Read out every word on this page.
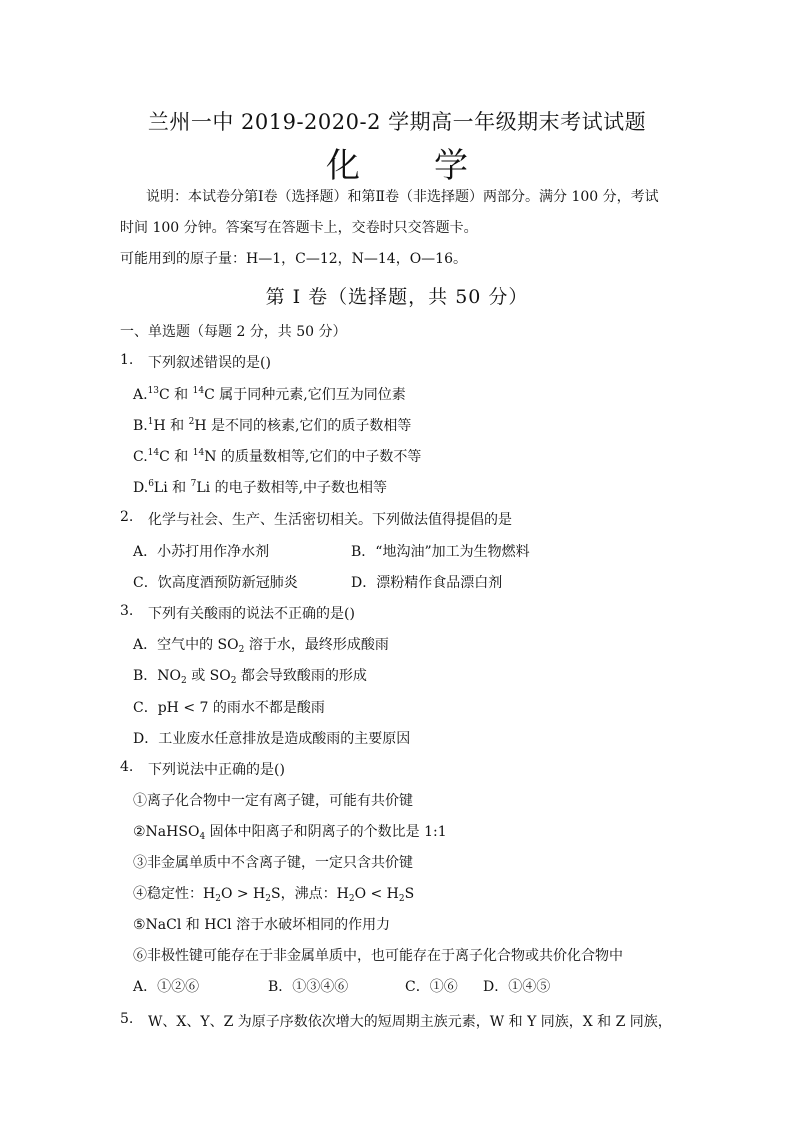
兰州一中 2019-2020-2 学期高一年级期末考试试题
化 学
说明：本试卷分第Ⅰ卷（选择题）和第Ⅱ卷（非选择题）两部分。满分 100 分，考试
时间 100 分钟。答案写在答题卡上，交卷时只交答题卡。
可能用到的原子量：H—1，C—12，N—14，O—16。
第 I 卷（选择题，共 50 分）
一、单选题（每题 2 分，共 50 分）
1. 下列叙述错误的是()
A.$^{13}$C 和 $^{14}$C 属于同种元素,它们互为同位素
B.$^1$H 和 $^2$H 是不同的核素,它们的质子数相等
C.$^{14}$C 和 $^{14}$N 的质量数相等,它们的中子数不等
D.$^6$Li 和 $^7$Li 的电子数相等,中子数也相等
2. 化学与社会、生产、生活密切相关。下列做法值得提倡的是
A．小苏打用作净水剂	B．“地沟油”加工为生物燃料
C．饮高度酒预防新冠肺炎	D．漂粉精作食品漂白剂
3. 下列有关酸雨的说法不正确的是()
A．空气中的 $SO_2$ 溶于水，最终形成酸雨
B．$NO_2$ 或 $SO_2$ 都会导致酸雨的形成
C．pH < 7 的雨水不都是酸雨
D．工业废水任意排放是造成酸雨的主要原因
4. 下列说法中正确的是()
①离子化合物中一定有离子键，可能有共价键
②NaHSO$_4$ 固体中阳离子和阴离子的个数比是 1:1
③非金属单质中不含离子键，一定只含共价键
④稳定性：$H_2O > H_2S$，沸点：$H_2O < H_2S$
⑤NaCl 和 HCl 溶于水破坏相同的作用力
⑥非极性键可能存在于非金属单质中，也可能存在于离子化合物或共价化合物中
A．①②⑥	B．①③④⑥	C．①⑥ D．①④⑤
5. W、X、Y、Z 为原子序数依次增大的短周期主族元素，W 和 Y 同族，X 和 Z 同族，
